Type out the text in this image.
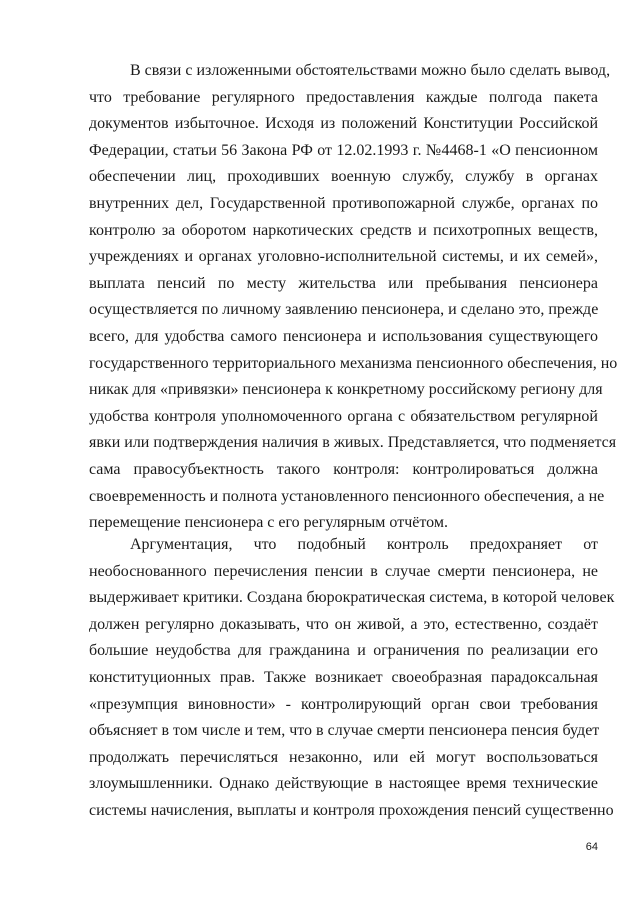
В связи с изложенными обстоятельствами можно было сделать вывод,
что требование регулярного предоставления каждые полгода пакета
документов избыточное. Исходя из положений Конституции Российской
Федерации, статьи 56 Закона РФ от 12.02.1993 г. №4468-1 «О пенсионном
обеспечении лиц, проходивших военную службу, службу в органах
внутренних дел, Государственной противопожарной службе, органах по
контролю за оборотом наркотических средств и психотропных веществ,
учреждениях и органах уголовно-исполнительной системы, и их семей»,
выплата пенсий по месту жительства или пребывания пенсионера
осуществляется по личному заявлению пенсионера, и сделано это, прежде
всего, для удобства самого пенсионера и использования существующего
государственного территориального механизма пенсионного обеспечения, но
никак для «привязки» пенсионера к конкретному российскому региону для
удобства контроля уполномоченного органа с обязательством регулярной
явки или подтверждения наличия в живых. Представляется, что подменяется
сама правосубъектность такого контроля: контролироваться должна
своевременность и полнота установленного пенсионного обеспечения, а не
перемещение пенсионера с его регулярным отчётом.
Аргументация, что подобный контроль предохраняет от
необоснованного перечисления пенсии в случае смерти пенсионера, не
выдерживает критики. Создана бюрократическая система, в которой человек
должен регулярно доказывать, что он живой, а это, естественно, создаёт
большие неудобства для гражданина и ограничения по реализации его
конституционных прав. Также возникает своеобразная парадоксальная
«презумпция виновности» - контролирующий орган свои требования
объясняет в том числе и тем, что в случае смерти пенсионера пенсия будет
продолжать перечисляться незаконно, или ей могут воспользоваться
злоумышленники. Однако действующие в настоящее время технические
системы начисления, выплаты и контроля прохождения пенсий существенно
64
